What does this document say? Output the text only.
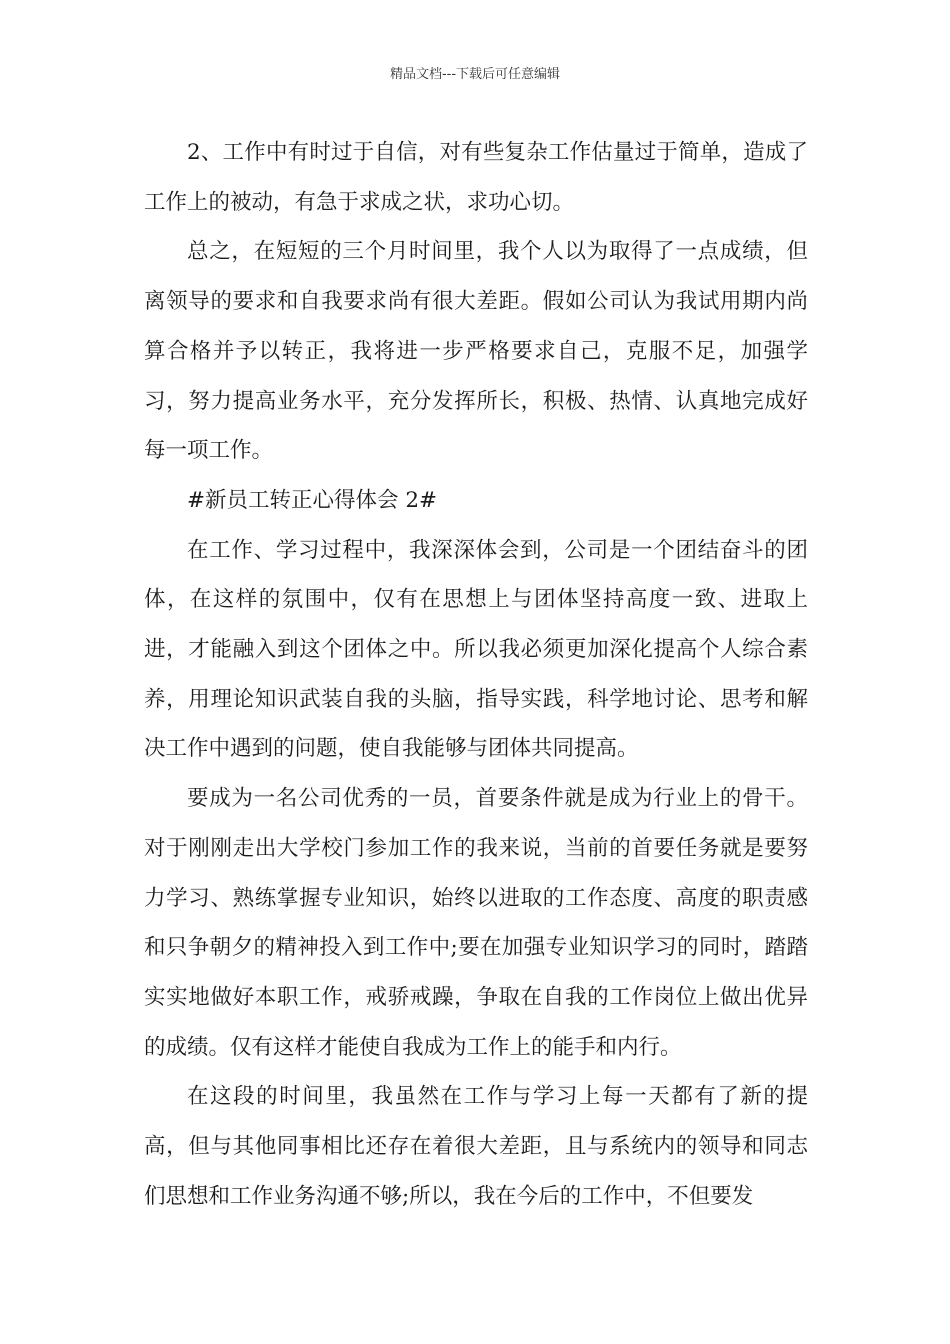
精品文档---下载后可任意编辑

2、工作中有时过于自信，对有些复杂工作估量过于简单，造成了工作上的被动，有急于求成之状，求功心切。

总之，在短短的三个月时间里，我个人以为取得了一点成绩，但离领导的要求和自我要求尚有很大差距。假如公司认为我试用期内尚算合格并予以转正，我将进一步严格要求自己，克服不足，加强学习，努力提高业务水平，充分发挥所长，积极、热情、认真地完成好每一项工作。

#新员工转正心得体会 2#

在工作、学习过程中，我深深体会到，公司是一个团结奋斗的团体，在这样的氛围中，仅有在思想上与团体坚持高度一致、进取上进，才能融入到这个团体之中。所以我必须更加深化提高个人综合素养，用理论知识武装自我的头脑，指导实践，科学地讨论、思考和解决工作中遇到的问题，使自我能够与团体共同提高。

要成为一名公司优秀的一员，首要条件就是成为行业上的骨干。对于刚刚走出大学校门参加工作的我来说，当前的首要任务就是要努力学习、熟练掌握专业知识，始终以进取的工作态度、高度的职责感和只争朝夕的精神投入到工作中;要在加强专业知识学习的同时，踏踏实实地做好本职工作，戒骄戒躁，争取在自我的工作岗位上做出优异的成绩。仅有这样才能使自我成为工作上的能手和内行。

在这段的时间里，我虽然在工作与学习上每一天都有了新的提高，但与其他同事相比还存在着很大差距，且与系统内的领导和同志们思想和工作业务沟通不够;所以，我在今后的工作中，不但要发
